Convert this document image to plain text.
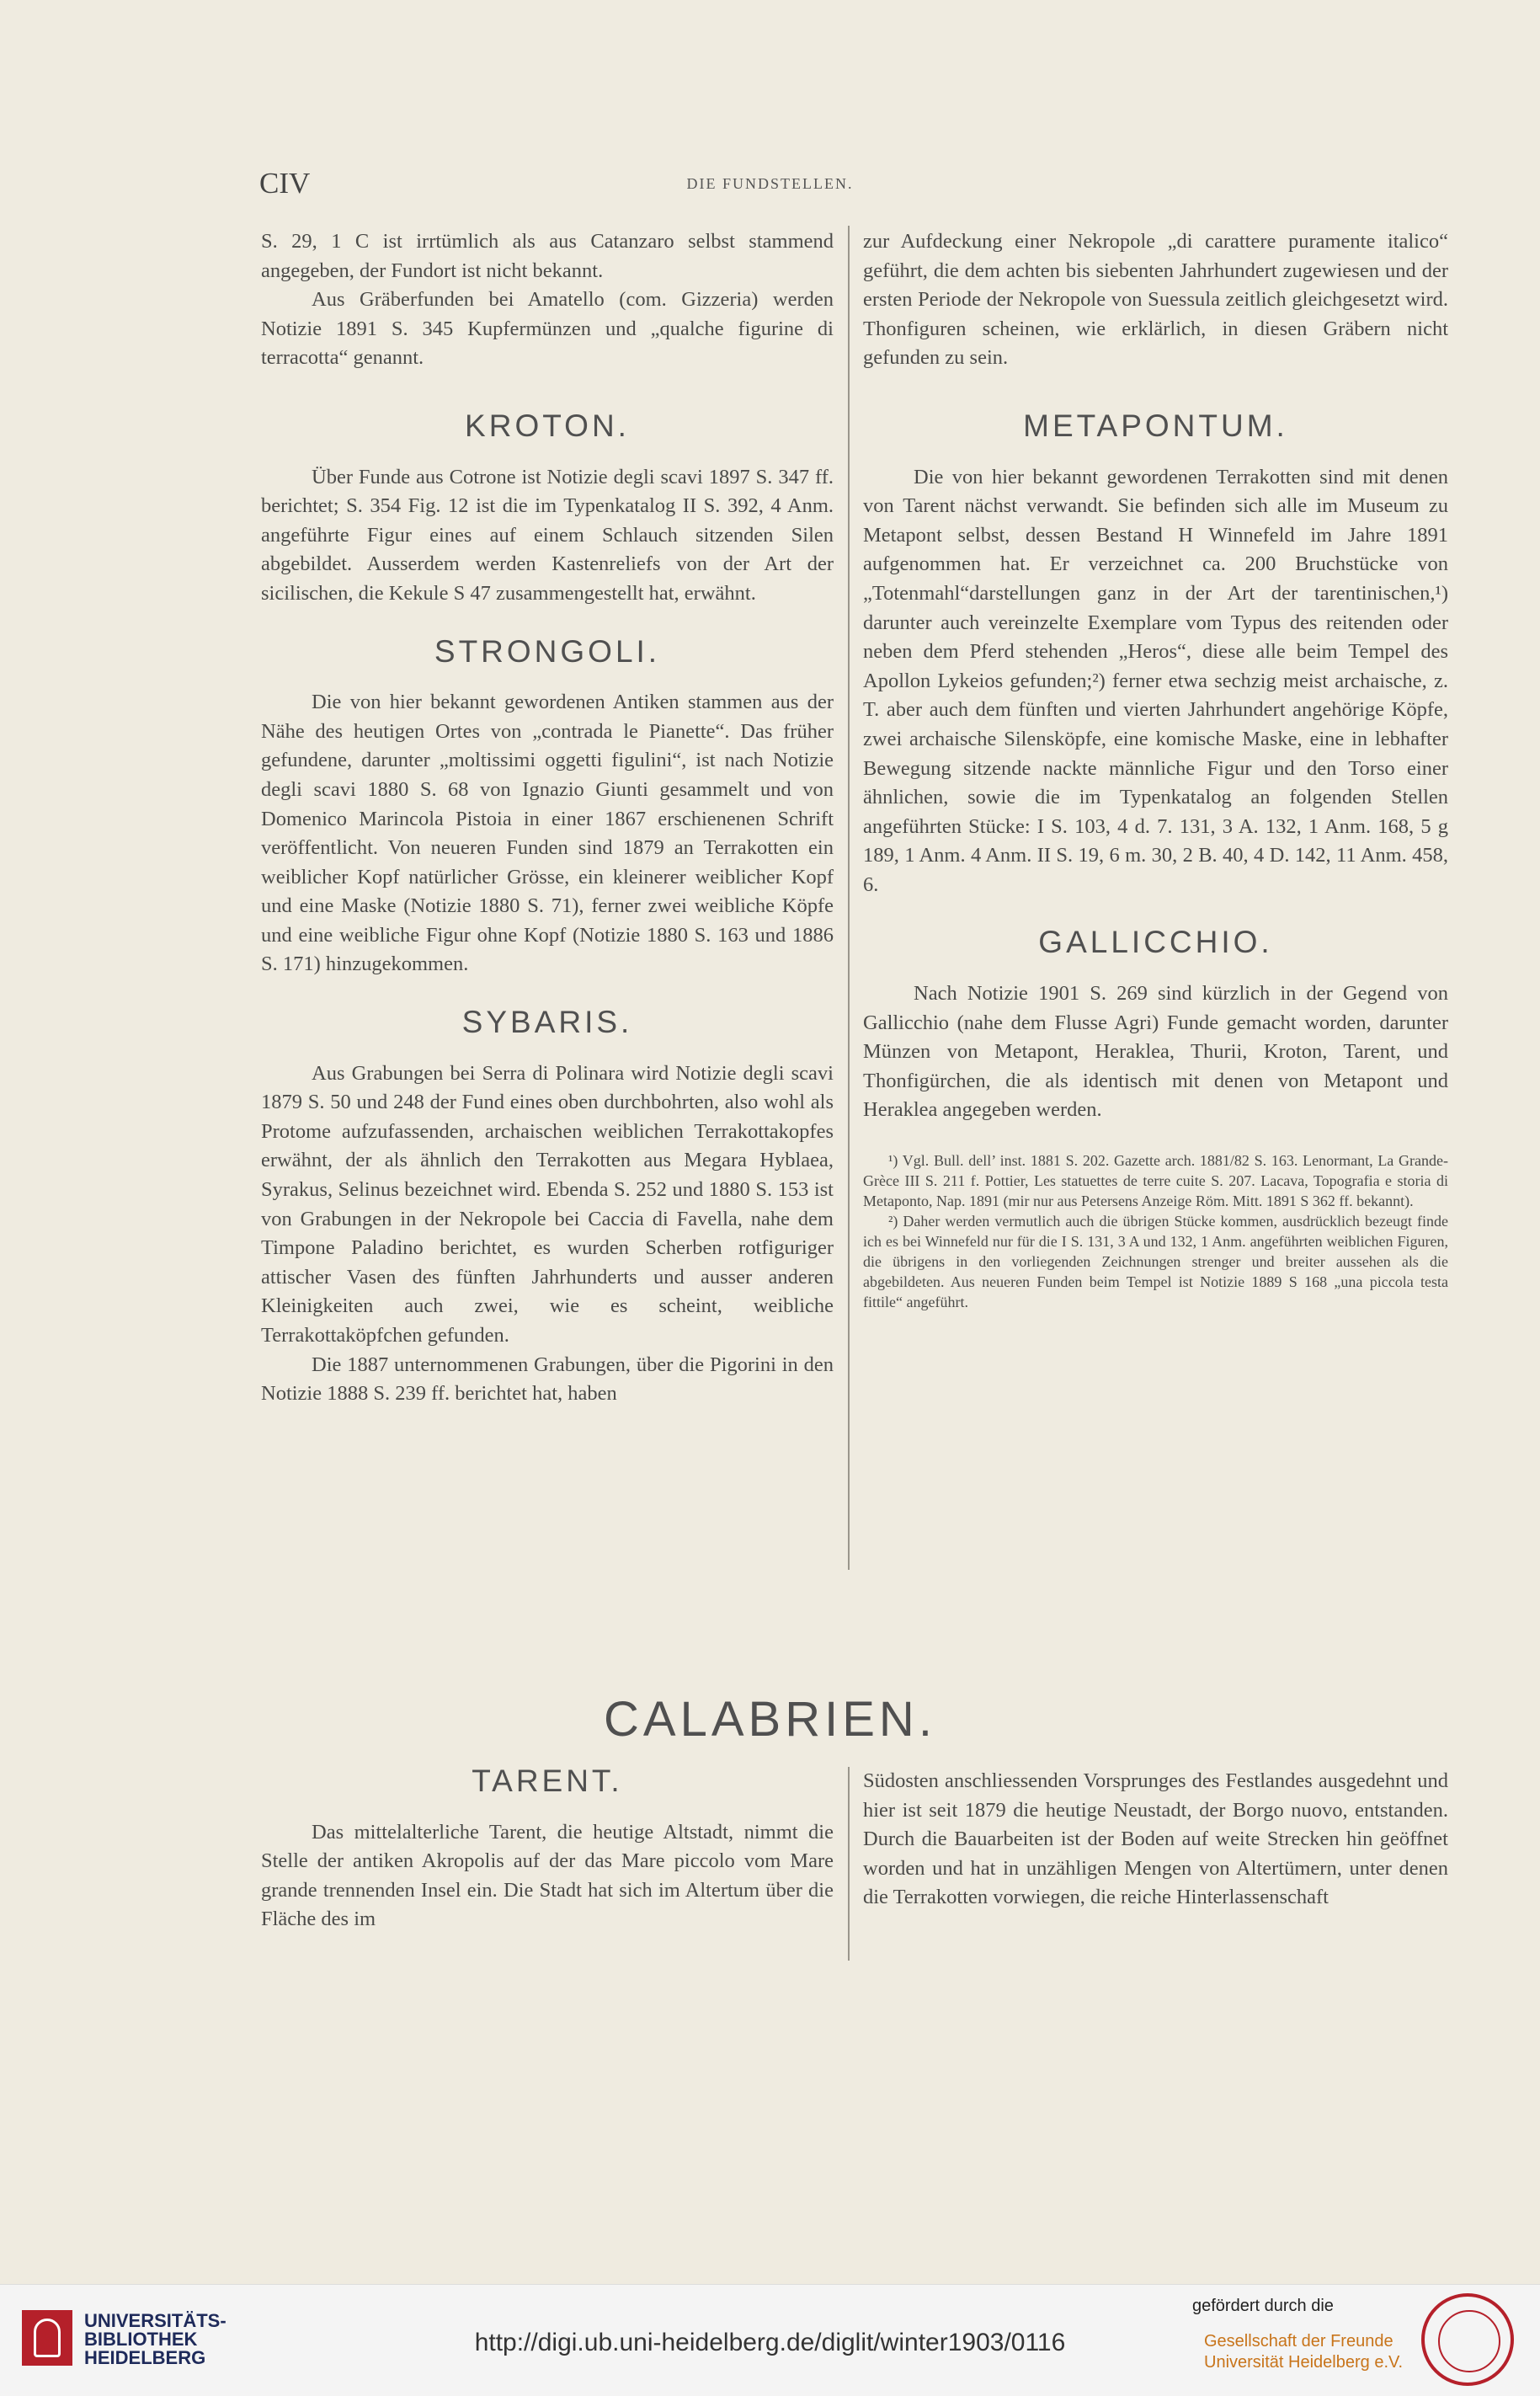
CIV	DIE FUNDSTELLEN.

S. 29, 1 C ist irrtümlich als aus Catanzaro selbst stammend angegeben, der Fundort ist nicht bekannt.

Aus Gräberfunden bei Amatello (com. Gizzeria) werden Notizie 1891 S. 345 Kupfermünzen und „qualche figurine di terracotta“ genannt.

KROTON.

Über Funde aus Cotrone ist Notizie degli scavi 1897 S. 347 ff. berichtet; S. 354 Fig. 12 ist die im Typenkatalog II S. 392, 4 Anm. angeführte Figur eines auf einem Schlauch sitzenden Silen abgebildet. Ausserdem werden Kastenreliefs von der Art der sicilischen, die Kekule S 47 zusammengestellt hat, erwähnt.

STRONGOLI.

Die von hier bekannt gewordenen Antiken stammen aus der Nähe des heutigen Ortes von „contrada le Pianette“. Das früher gefundene, darunter „moltissimi oggetti figulini“, ist nach Notizie degli scavi 1880 S. 68 von Ignazio Giunti gesammelt und von Domenico Marincola Pistoia in einer 1867 erschienenen Schrift veröffentlicht. Von neueren Funden sind 1879 an Terrakotten ein weiblicher Kopf natürlicher Grösse, ein kleinerer weiblicher Kopf und eine Maske (Notizie 1880 S. 71), ferner zwei weibliche Köpfe und eine weibliche Figur ohne Kopf (Notizie 1880 S. 163 und 1886 S. 171) hinzugekommen.

SYBARIS.

Aus Grabungen bei Serra di Polinara wird Notizie degli scavi 1879 S. 50 und 248 der Fund eines oben durchbohrten, also wohl als Protome aufzufassenden, archaischen weiblichen Terrakottakopfes erwähnt, der als ähnlich den Terrakotten aus Megara Hyblaea, Syrakus, Selinus bezeichnet wird. Ebenda S. 252 und 1880 S. 153 ist von Grabungen in der Nekropole bei Caccia di Favella, nahe dem Timpone Paladino berichtet, es wurden Scherben rotfiguriger attischer Vasen des fünften Jahrhunderts und ausser anderen Kleinigkeiten auch zwei, wie es scheint, weibliche Terrakottaköpfchen gefunden.

Die 1887 unternommenen Grabungen, über die Pigorini in den Notizie 1888 S. 239 ff. berichtet hat, haben

zur Aufdeckung einer Nekropole „di carattere puramente italico“ geführt, die dem achten bis siebenten Jahrhundert zugewiesen und der ersten Periode der Nekropole von Suessula zeitlich gleichgesetzt wird. Thonfiguren scheinen, wie erklärlich, in diesen Gräbern nicht gefunden zu sein.

METAPONTUM.

Die von hier bekannt gewordenen Terrakotten sind mit denen von Tarent nächst verwandt. Sie befinden sich alle im Museum zu Metapont selbst, dessen Bestand H Winnefeld im Jahre 1891 aufgenommen hat. Er verzeichnet ca. 200 Bruchstücke von „Totenmahl“darstellungen ganz in der Art der tarentinischen,¹) darunter auch vereinzelte Exemplare vom Typus des reitenden oder neben dem Pferd stehenden „Heros“, diese alle beim Tempel des Apollon Lykeios gefunden;²) ferner etwa sechzig meist archaische, z. T. aber auch dem fünften und vierten Jahrhundert angehörige Köpfe, zwei archaische Silensköpfe, eine komische Maske, eine in lebhafter Bewegung sitzende nackte männliche Figur und den Torso einer ähnlichen, sowie die im Typenkatalog an folgenden Stellen angeführten Stücke: I S. 103, 4 d. 7. 131, 3 A. 132, 1 Anm. 168, 5 g 189, 1 Anm. 4 Anm. II S. 19, 6 m. 30, 2 B. 40, 4 D. 142, 11 Anm. 458, 6.

GALLICCHIO.

Nach Notizie 1901 S. 269 sind kürzlich in der Gegend von Gallicchio (nahe dem Flusse Agri) Funde gemacht worden, darunter Münzen von Metapont, Heraklea, Thurii, Kroton, Tarent, und Thonfigürchen, die als identisch mit denen von Metapont und Heraklea angegeben werden.

¹) Vgl. Bull. dell’ inst. 1881 S. 202. Gazette arch. 1881/82 S. 163. Lenormant, La Grande-Grèce III S. 211 f. Pottier, Les statuettes de terre cuite S. 207. Lacava, Topografia e storia di Metaponto, Nap. 1891 (mir nur aus Petersens Anzeige Röm. Mitt. 1891 S 362 ff. bekannt).

²) Daher werden vermutlich auch die übrigen Stücke kommen, ausdrücklich bezeugt finde ich es bei Winnefeld nur für die I S. 131, 3 A und 132, 1 Anm. angeführten weiblichen Figuren, die übrigens in den vorliegenden Zeichnungen strenger und breiter aussehen als die abgebildeten. Aus neueren Funden beim Tempel ist Notizie 1889 S 168 „una piccola testa fittile“ angeführt.

CALABRIEN.
TARENT.

Das mittelalterliche Tarent, die heutige Altstadt, nimmt die Stelle der antiken Akropolis auf der das Mare piccolo vom Mare grande trennenden Insel ein. Die Stadt hat sich im Altertum über die Fläche des im

Südosten anschliessenden Vorsprunges des Festlandes ausgedehnt und hier ist seit 1879 die heutige Neustadt, der Borgo nuovo, entstanden. Durch die Bauarbeiten ist der Boden auf weite Strecken hin geöffnet worden und hat in unzähligen Mengen von Altertümern, unter denen die Terrakotten vorwiegen, die reiche Hinterlassenschaft

UNIVERSITÄTS-
BIBLIOTHEK
HEIDELBERG
http://digi.ub.uni-heidelberg.de/diglit/winter1903/0116
gefördert durch die
Gesellschaft der Freunde
Universität Heidelberg e.V.
